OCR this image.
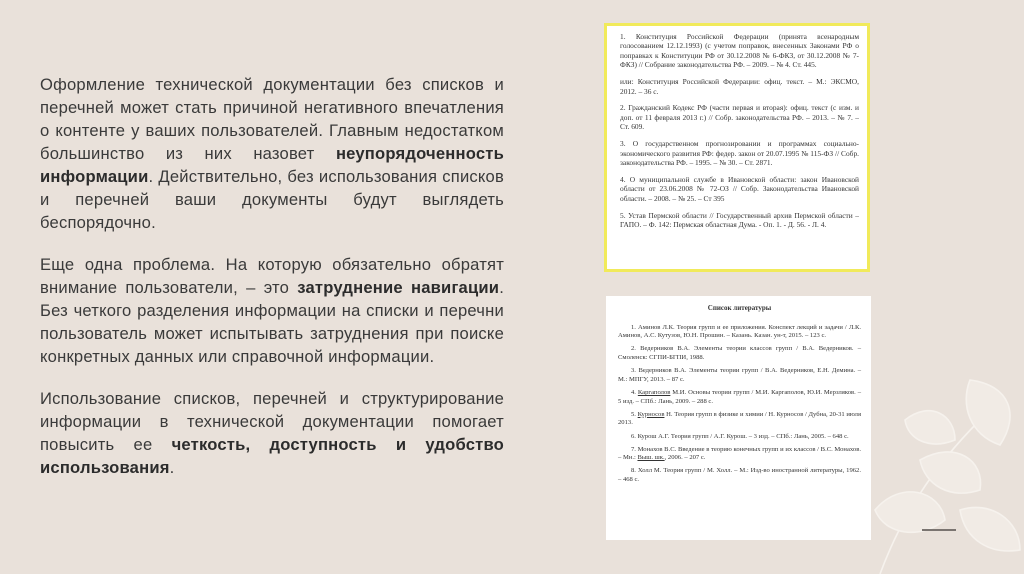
Оформление технической документации без списков и перечней может стать причиной негативного впечатления о контенте у ваших пользователей. Главным недостатком большинство из них назовет неупорядоченность информации. Действительно, без использования списков и перечней ваши документы будут выглядеть беспорядочно.

Еще одна проблема. На которую обязательно обратят внимание пользователи, – это затруднение навигации. Без четкого разделения информации на списки и перечни пользователь может испытывать затруднения при поиске конкретных данных или справочной информации.

Использование списков, перечней и структурирование информации в технической документации помогает повысить ее четкость, доступность и удобство использования.

1. Конституция Российской Федерации (принята всенародным голосованием 12.12.1993) (с учетом поправок, внесенных Законами РФ о поправках к Конституции РФ от 30.12.2008 № 6-ФКЗ, от 30.12.2008 № 7-ФКЗ) // Собрание законодательства РФ. – 2009. – № 4. Ст. 445.

или: Конституция Российской Федерации: офиц. текст. – М.: ЭКСМО, 2012. – 36 с.

2. Гражданский Кодекс РФ (части первая и вторая): офиц. текст (с изм. и доп. от 11 февраля 2013 г.) // Собр. законодательства РФ. – 2013. – № 7. – Ст. 609.

3. О государственном прогнозировании и программах социально-экономического развития РФ: федер. закон от 20.07.1995 № 115-ФЗ // Собр. законодательства РФ. – 1995. – № 30. – Ст. 2871.

4. О муниципальной службе в Ивановской области: закон Ивановской области от 23.06.2008 № 72-ОЗ // Собр. Законодательства Ивановской области. – 2008. – № 25. – Ст 395

5. Устав Пермской области // Государственный архив Пермской области – ГАПО. – Ф. 142: Пермская областная Дума. - Оп. 1. - Д. 56. - Л. 4.

Список литературы

1. Аминов Л.К. Теория групп и ее приложения. Конспект лекций и задачи / Л.К. Аминов, А.С. Кутузов, Ю.Н. Прошин. – Казань. Казан. ун-т, 2015. – 123 с.

2. Ведерников В.А. Элементы теории классов групп / В.А. Ведерников. – Смоленск: СГПИ-БГПИ, 1988.

3. Ведерников В.А. Элементы теории групп / В.А. Ведерников, Е.Н. Демина. – М.: МПГУ, 2013. – 87 с.

4. Каргаполов М.И. Основы теории групп / М.И. Каргаполов, Ю.И. Мерзляков. – 5 изд. – СПб.: Лань, 2009. – 288 с.

5. Курносов Н. Теория групп в физике и химии / Н. Курносов / Дубна, 20-31 июля 2013.

6. Курош А.Г. Теория групп / А.Г. Курош. – 3 изд. – СПб.: Лань, 2005. – 648 с.

7. Монахов В.С. Введение в теорию конечных групп и их классов / В.С. Монахов. – Мн.: Выш. шк., 2006. – 207 с.

8. Холл М. Теория групп / М. Холл. – М.: Изд-во иностранной литературы, 1962. – 468 с.
